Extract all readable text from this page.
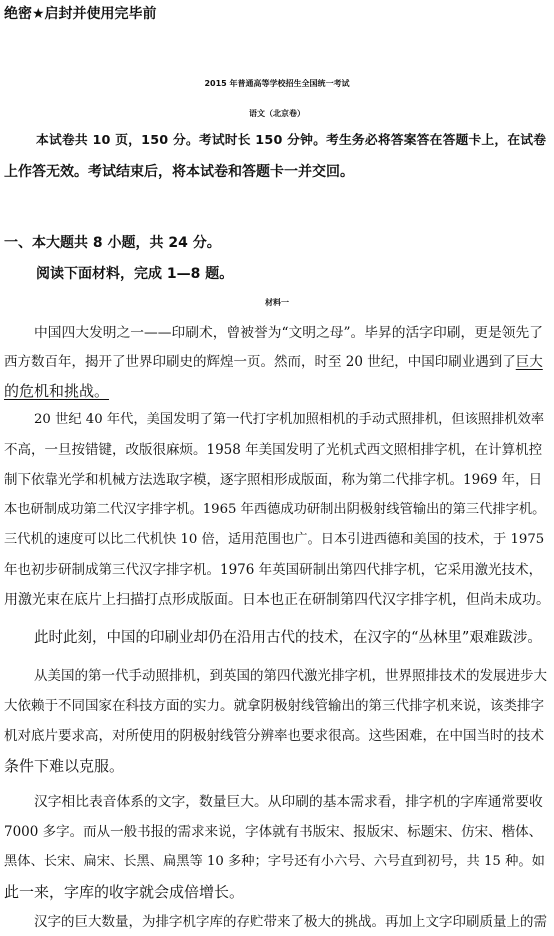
绝密★启封并使用完毕前
2015 年普通高等学校招生全国统一考试
语文（北京卷）
本试卷共 10 页，150 分。考试时长 150 分钟。考生务必将答案答在答题卡上，在试卷
上作答无效。考试结束后，将本试卷和答题卡一并交回。
一、本大题共 8 小题，共 24 分。
阅读下面材料，完成 1—8 题。
材料一
中国四大发明之一——印刷术，曾被誉为“文明之母”。毕昇的活字印刷，更是领先了
西方数百年，揭开了世界印刷史的辉煌一页。然而，时至 20 世纪，中国印刷业遇到了巨大
的危机和挑战。
20 世纪 40 年代，美国发明了第一代打字机加照相机的手动式照排机，但该照排机效率
不高，一旦按错键，改版很麻烦。1958 年美国发明了光机式西文照相排字机，在计算机控
制下依靠光学和机械方法选取字模，逐字照相形成版面，称为第二代排字机。1969 年，日
本也研制成功第二代汉字排字机。1965 年西德成功研制出阴极射线管输出的第三代排字机。
三代机的速度可以比二代机快 10 倍，适用范围也广。日本引进西德和美国的技术，于 1975
年也初步研制成第三代汉字排字机。1976 年英国研制出第四代排字机，它采用激光技术，
用激光束在底片上扫描打点形成版面。日本也正在研制第四代汉字排字机，但尚未成功。
此时此刻，中国的印刷业却仍在沿用古代的技术，在汉字的“丛林里”艰难跋涉。
从美国的第一代手动照排机，到英国的第四代激光排字机，世界照排技术的发展进步大
大依赖于不同国家在科技方面的实力。就拿阴极射线管输出的第三代排字机来说，该类排字
机对底片要求高，对所使用的阴极射线管分辨率也要求很高。这些困难，在中国当时的技术
条件下难以克服。
汉字相比表音体系的文字，数量巨大。从印刷的基本需求看，排字机的字库通常要收
7000 多字。而从一般书报的需求来说，字体就有书版宋、报版宋、标题宋、仿宋、楷体、
黑体、长宋、扁宋、长黑、扁黑等 10 多种；字号还有小六号、六号直到初号，共 15 种。如
此一来，字库的收字就会成倍增长。
汉字的巨大数量，为排字机字库的存贮带来了极大的挑战。再加上文字印刷质量上的需
